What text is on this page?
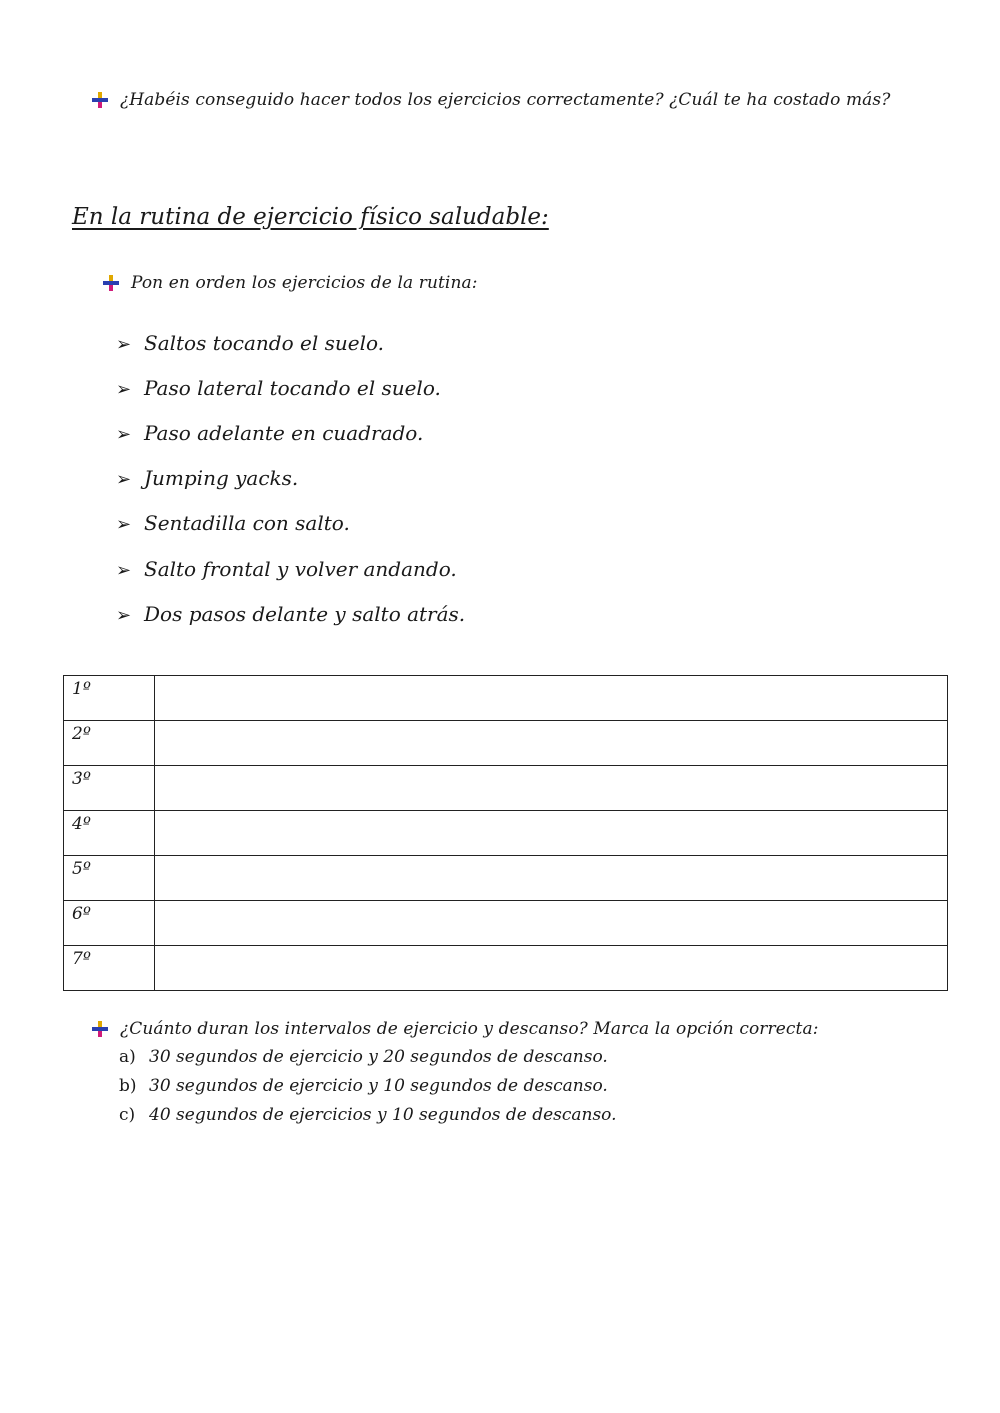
¿Habéis conseguido hacer todos los ejercicios correctamente? ¿Cuál te ha costado más?
En la rutina de ejercicio físico saludable:
Pon en orden los ejercicios de la rutina:
➢ Saltos tocando el suelo.
➢ Paso lateral tocando el suelo.
➢ Paso adelante en cuadrado.
➢ Jumping yacks.
➢ Sentadilla con salto.
➢ Salto frontal y volver andando.
➢ Dos pasos delante y salto atrás.
1º	
2º	
3º	
4º	
5º	
6º	
7º	
¿Cuánto duran los intervalos de ejercicio y descanso? Marca la opción correcta:
a) 30 segundos de ejercicio y 20 segundos de descanso.
b) 30 segundos de ejercicio y 10 segundos de descanso.
c) 40 segundos de ejercicios y 10 segundos de descanso.
